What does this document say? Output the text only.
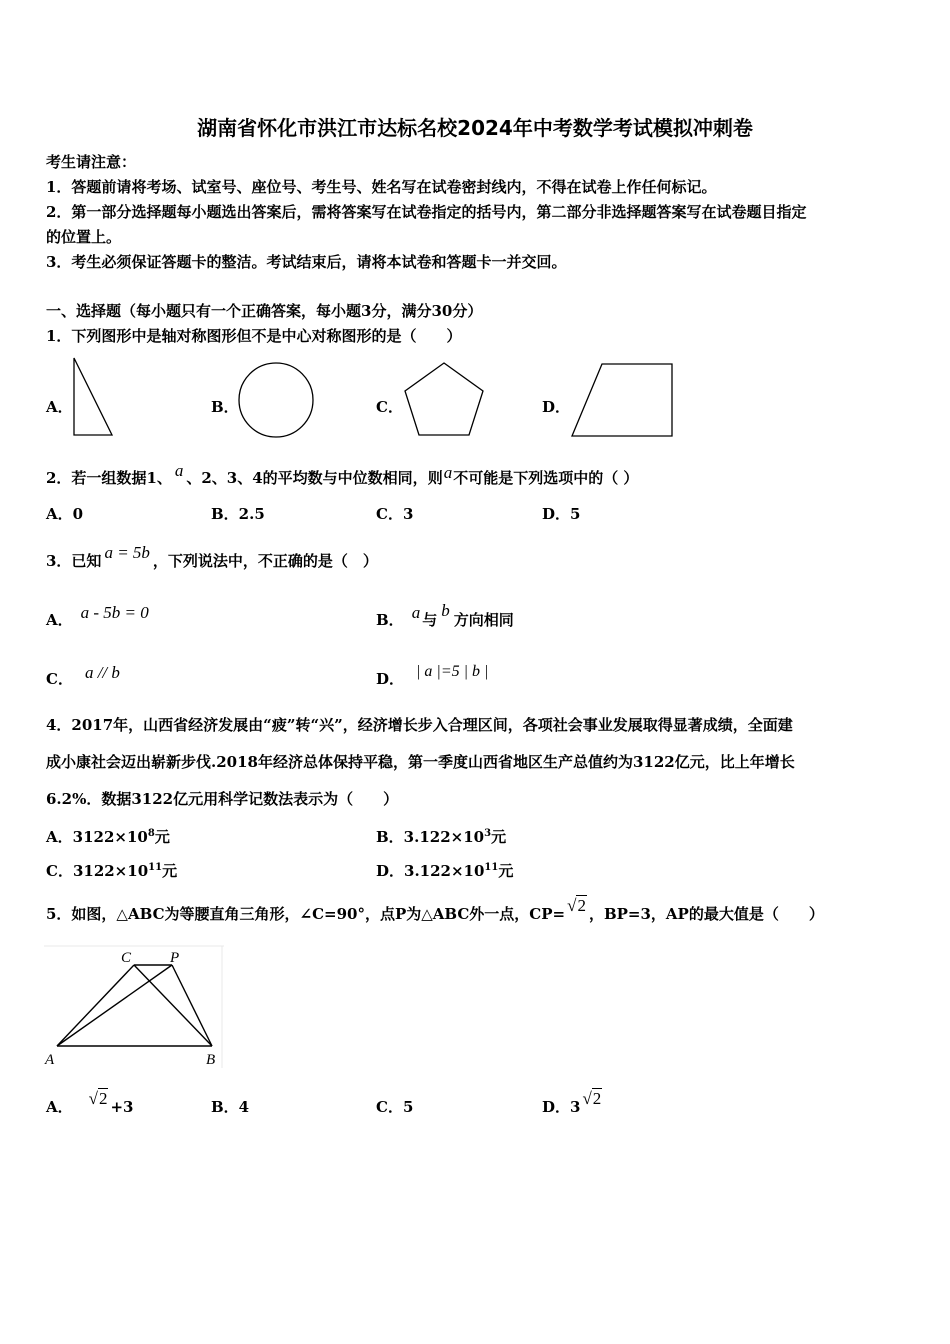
湖南省怀化市洪江市达标名校2024年中考数学考试模拟冲刺卷
考生请注意：
1．答题前请将考场、试室号、座位号、考生号、姓名写在试卷密封线内，不得在试卷上作任何标记。
2．第一部分选择题每小题选出答案后，需将答案写在试卷指定的括号内，第二部分非选择题答案写在试卷题目指定
的位置上。
3．考生必须保证答题卡的整洁。考试结束后，请将本试卷和答题卡一并交回。
一、选择题（每小题只有一个正确答案，每小题3分，满分30分）
1．下列图形中是轴对称图形但不是中心对称图形的是（　　）
A．	B．	C．	D．
2．若一组数据1、 a 、2、3、4的平均数与中位数相同，则a不可能是下列选项中的（ ）
A．0	B．2.5	C．3	D．5
3．已知 a = 5b ，下列说法中，不正确的是（　）
A． a - 5b = 0	B． a 与 b 方向相同
C． a // b	D． | a |=5 | b |
4．2017年，山西省经济发展由“疲”转“兴”，经济增长步入合理区间，各项社会事业发展取得显著成绩，全面建
成小康社会迈出崭新步伐.2018年经济总体保持平稳，第一季度山西省地区生产总值约为3122亿元，比上年增长
6.2%．数据3122亿元用科学记数法表示为（　　）
A．$3122\times 10^8$元	B．$3.122\times 10^3$元
C．$3122\times 10^{11}$元	D．$3.122\times 10^{11}$元
5．如图，△ABC为等腰直角三角形，∠C=90°，点P为△ABC外一点，CP= √2 ，BP=3，AP的最大值是（　　）
C	P
A	B
A． √2 +3	B．4	C．5	D．3 √2
